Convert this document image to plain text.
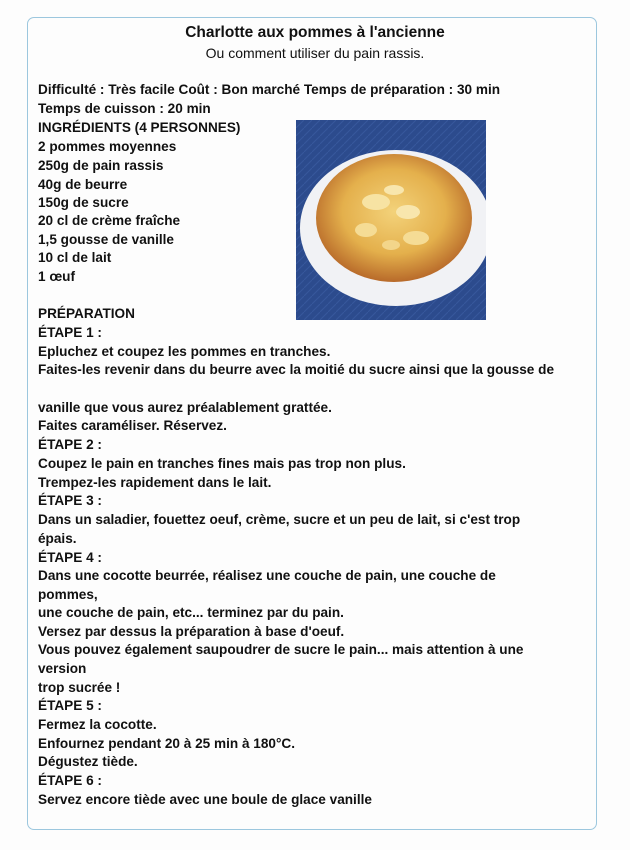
Charlotte aux pommes à l'ancienne
Ou comment utiliser du pain rassis.
Difficulté : Très facile Coût : Bon marché Temps de préparation : 30 min
Temps de cuisson : 20 min
INGRÉDIENTS (4 PERSONNES)
2 pommes moyennes
250g de pain rassis
40g de beurre
150g de sucre
20 cl de crème fraîche
1,5 gousse de vanille
10 cl de lait
1 œuf
PRÉPARATION
ÉTAPE 1 :
Epluchez et coupez les pommes en tranches.
Faites-les revenir dans du beurre avec la moitié du sucre ainsi que la gousse de
vanille que vous aurez préalablement grattée.
Faites caraméliser. Réservez.
ÉTAPE 2 :
Coupez le pain en tranches fines mais pas trop non plus.
Trempez-les rapidement dans le lait.
ÉTAPE 3 :
Dans un saladier, fouettez oeuf, crème, sucre et un peu de lait, si c'est trop
épais.
ÉTAPE 4 :
Dans une cocotte beurrée, réalisez une couche de pain, une couche de
pommes,
une couche de pain, etc... terminez par du pain.
Versez par dessus la préparation à base d'oeuf.
Vous pouvez également saupoudrer de sucre le pain... mais attention à une
version
trop sucrée !
ÉTAPE 5 :
Fermez la cocotte.
Enfournez pendant 20 à 25 min à 180°C.
Dégustez tiède.
ÉTAPE 6 :
Servez encore tiède avec une boule de glace vanille
